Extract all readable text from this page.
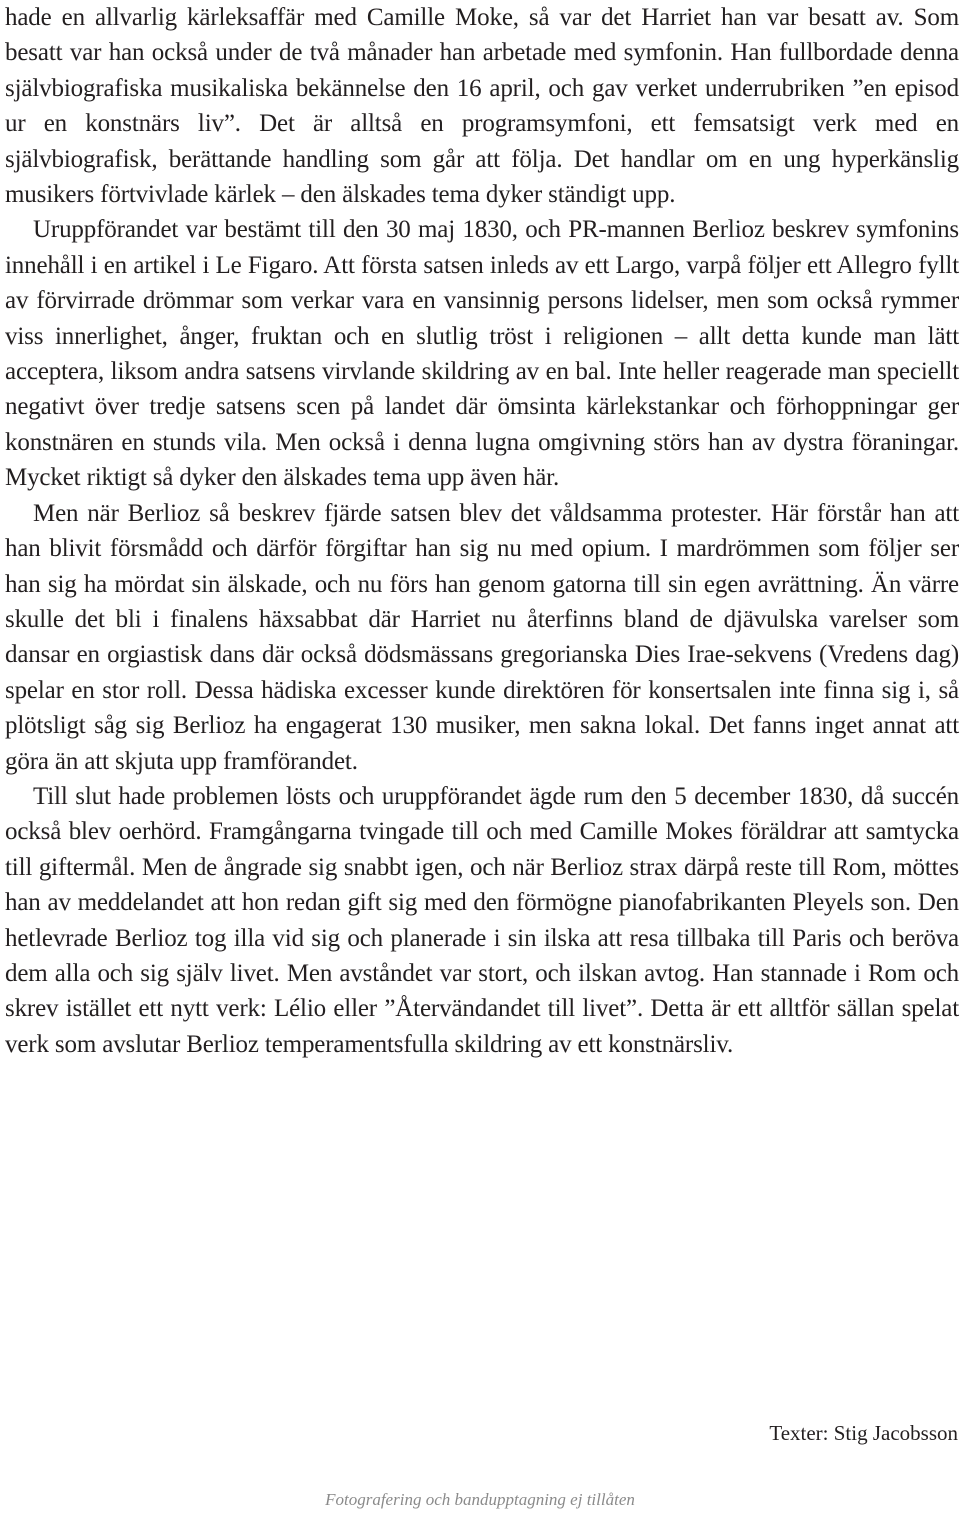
hade en allvarlig kärleksaffär med Camille Moke, så var det Harriet han var besatt av. Som besatt var han också under de två månader han arbetade med symfonin. Han fullbordade denna självbiografiska musikaliska bekännelse den 16 april, och gav verket underrubriken ”en episod ur en konstnärs liv”. Det är alltså en programsymfoni, ett femsatsigt verk med en självbiografisk, berättande handling som går att följa. Det handlar om en ung hyperkänslig musikers förtvivlade kärlek – den älskades tema dyker ständigt upp.

Uruppförandet var bestämt till den 30 maj 1830, och PR-mannen Berlioz beskrev symfonins innehåll i en artikel i Le Figaro. Att första satsen inleds av ett Largo, varpå följer ett Allegro fyllt av förvirrade drömmar som verkar vara en vansinnig persons lidelser, men som också rymmer viss innerlighet, ånger, fruktan och en slutlig tröst i religionen – allt detta kunde man lätt acceptera, liksom andra satsens virvlande skildring av en bal. Inte heller reagerade man speciellt negativt över tredje satsens scen på landet där ömsinta kärlekstankar och förhoppningar ger konstnären en stunds vila. Men också i denna lugna omgivning störs han av dystra föraningar. Mycket riktigt så dyker den älskades tema upp även här.

Men när Berlioz så beskrev fjärde satsen blev det våldsamma protester. Här förstår han att han blivit försmådd och därför förgiftar han sig nu med opium. I mardrömmen som följer ser han sig ha mördat sin älskade, och nu förs han genom gatorna till sin egen avrättning. Än värre skulle det bli i finalens häxsabbat där Harriet nu återfinns bland de djävulska varelser som dansar en orgiastisk dans där också dödsmässans gregorianska Dies Irae-sekvens (Vredens dag) spelar en stor roll. Dessa hädiska excesser kunde direktören för konsertsalen inte finna sig i, så plötsligt såg sig Berlioz ha engagerat 130 musiker, men sakna lokal. Det fanns inget annat att göra än att skjuta upp framförandet.

Till slut hade problemen lösts och uruppförandet ägde rum den 5 december 1830, då succén också blev oerhörd. Framgångarna tvingade till och med Camille Mokes föräldrar att samtycka till giftermål. Men de ångrade sig snabbt igen, och när Berlioz strax därpå reste till Rom, möttes han av meddelandet att hon redan gift sig med den förmögne pianofabrikanten Pleyels son. Den hetlevrade Berlioz tog illa vid sig och planerade i sin ilska att resa tillbaka till Paris och beröva dem alla och sig själv livet. Men avståndet var stort, och ilskan avtog. Han stannade i Rom och skrev istället ett nytt verk: Lélio eller ”Återvändandet till livet”. Detta är ett alltför sällan spelat verk som avslutar Berlioz temperamentsfulla skildring av ett konstnärsliv.

Texter: Stig Jacobsson
Fotografering och bandupptagning ej tillåten
